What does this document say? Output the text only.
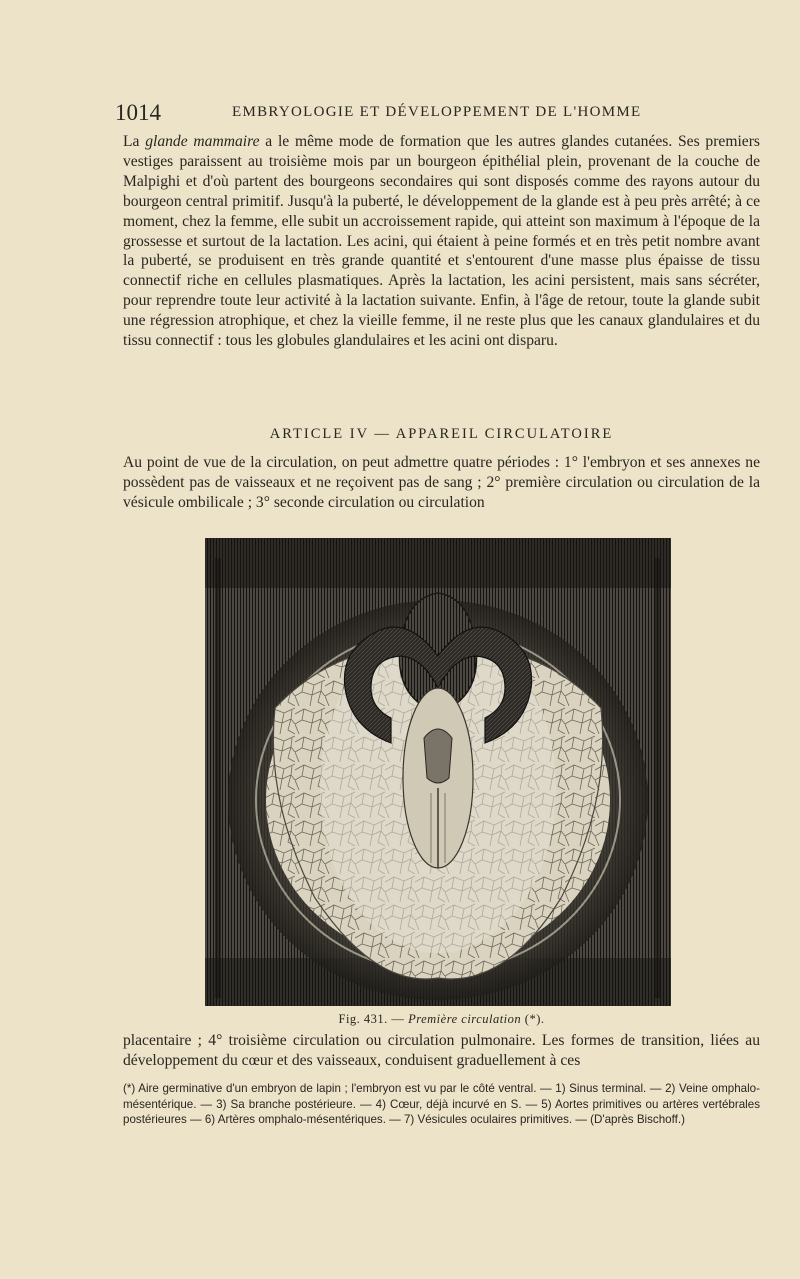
1014	EMBRYOLOGIE ET DÉVELOPPEMENT DE L'HOMME

La glande mammaire a le même mode de formation que les autres glandes cutanées. Ses premiers vestiges paraissent au troisième mois par un bourgeon épithélial plein, provenant de la couche de Malpighi et d'où partent des bourgeons secondaires qui sont disposés comme des rayons autour du bourgeon central primitif. Jusqu'à la puberté, le développement de la glande est à peu près arrêté; à ce moment, chez la femme, elle subit un accroissement rapide, qui atteint son maximum à l'époque de la grossesse et surtout de la lactation. Les acini, qui étaient à peine formés et en très petit nombre avant la puberté, se produisent en très grande quantité et s'entourent d'une masse plus épaisse de tissu connectif riche en cellules plasmatiques. Après la lactation, les acini persistent, mais sans sécréter, pour reprendre toute leur activité à la lactation suivante. Enfin, à l'âge de retour, toute la glande subit une régression atrophique, et chez la vieille femme, il ne reste plus que les canaux glandulaires et du tissu connectif : tous les globules glandulaires et les acini ont disparu.

ARTICLE IV — APPAREIL CIRCULATOIRE

Au point de vue de la circulation, on peut admettre quatre périodes : 1° l'embryon et ses annexes ne possèdent pas de vaisseaux et ne reçoivent pas de sang ; 2° première circulation ou circulation de la vésicule ombilicale ; 3° seconde circulation ou circulation

Fig. 431. — Première circulation (*).

placentaire ; 4° troisième circulation ou circulation pulmonaire. Les formes de transition, liées au développement du cœur et des vaisseaux, conduisent graduellement à ces

(*) Aire germinative d'un embryon de lapin ; l'embryon est vu par le côté ventral. — 1) Sinus terminal. — 2) Veine omphalo-mésentérique. — 3) Sa branche postérieure. — 4) Cœur, déjà incurvé en S. — 5) Aortes primitives ou artères vertébrales postérieures — 6) Artères omphalo-mésentériques. — 7) Vésicules oculaires primitives. — (D'après Bischoff.)
